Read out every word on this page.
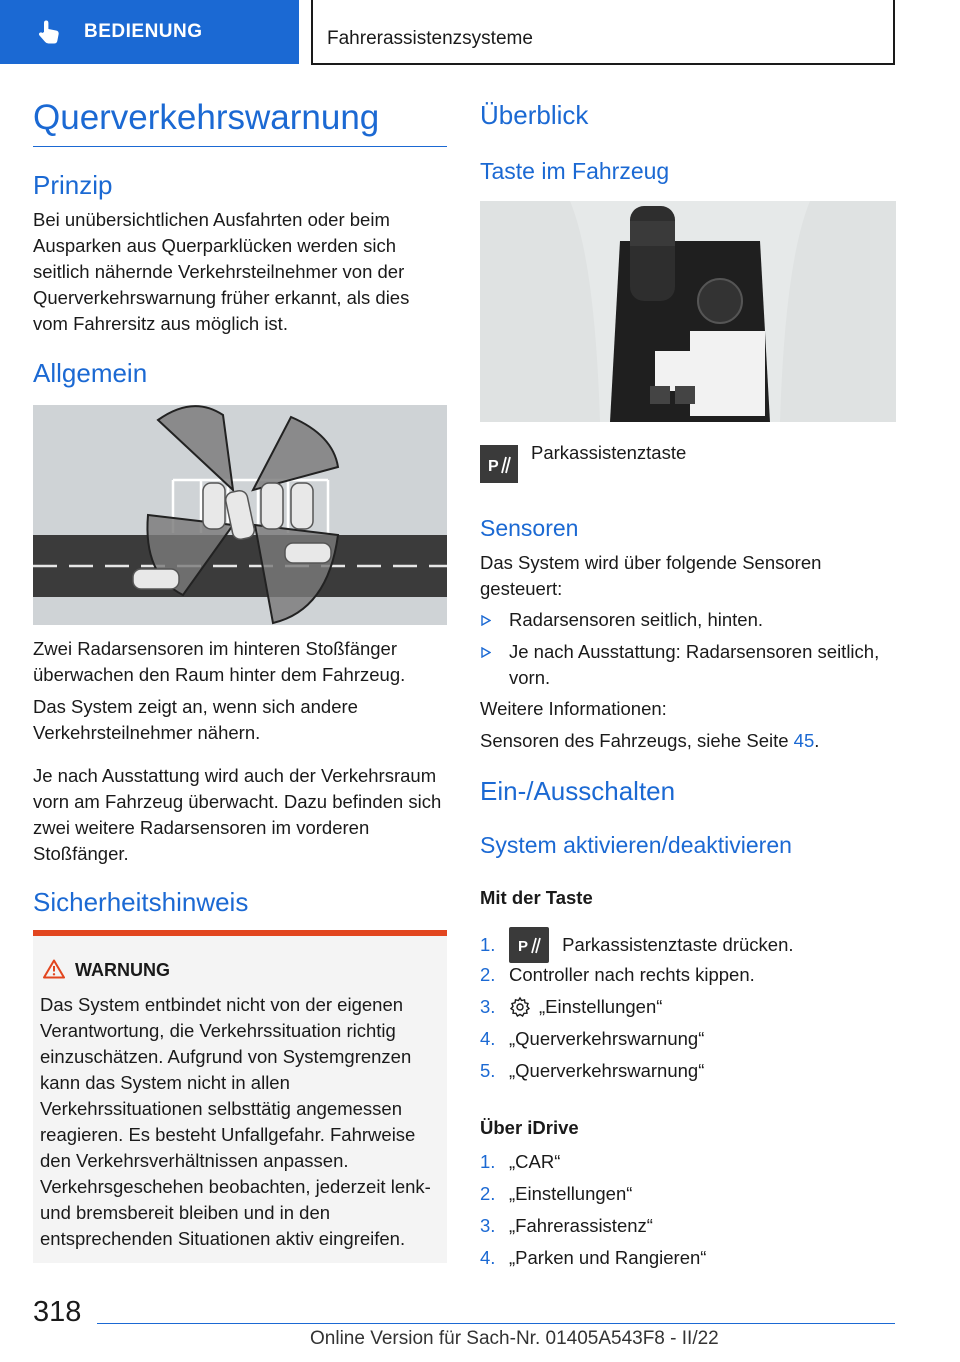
BEDIENUNG	Fahrerassistenzsysteme
Querverkehrswarnung
Prinzip
Bei unübersichtlichen Ausfahrten oder beim Ausparken aus Querparklücken werden sich seitlich nähernde Verkehrsteilnehmer von der Querverkehrswarnung früher erkannt, als dies vom Fahrersitz aus möglich ist.
Allgemein
Zwei Radarsensoren im hinteren Stoßfänger überwachen den Raum hinter dem Fahrzeug.
Das System zeigt an, wenn sich andere Verkehrsteilnehmer nähern.
Je nach Ausstattung wird auch der Verkehrsraum vorn am Fahrzeug überwacht. Dazu befinden sich zwei weitere Radarsensoren im vorderen Stoßfänger.
Sicherheitshinweis
WARNUNG
Das System entbindet nicht von der eigenen Verantwortung, die Verkehrssituation richtig einzuschätzen. Aufgrund von Systemgrenzen kann das System nicht in allen Verkehrssituationen selbsttätig angemessen reagieren. Es besteht Unfallgefahr. Fahrweise den Verkehrsverhältnissen anpassen. Verkehrsgeschehen beobachten, jederzeit lenk- und bremsbereit bleiben und in den entsprechenden Situationen aktiv eingreifen.
Überblick
Taste im Fahrzeug
P
Parkassistenztaste
Sensoren
Das System wird über folgende Sensoren gesteuert:
Radarsensoren seitlich, hinten.
Je nach Ausstattung: Radarsensoren seitlich, vorn.
Weitere Informationen:
Sensoren des Fahrzeugs, siehe Seite 45.
Ein-/Ausschalten
System aktivieren/deaktivieren
Mit der Taste
1. P Parkassistenztaste drücken.
2. Controller nach rechts kippen.
3. „Einstellungen“
4. „Querverkehrswarnung“
5. „Querverkehrswarnung“
Über iDrive
1. „CAR“
2. „Einstellungen“
3. „Fahrerassistenz“
4. „Parken und Rangieren“
318
Online Version für Sach-Nr. 01405A543F8 - II/22
